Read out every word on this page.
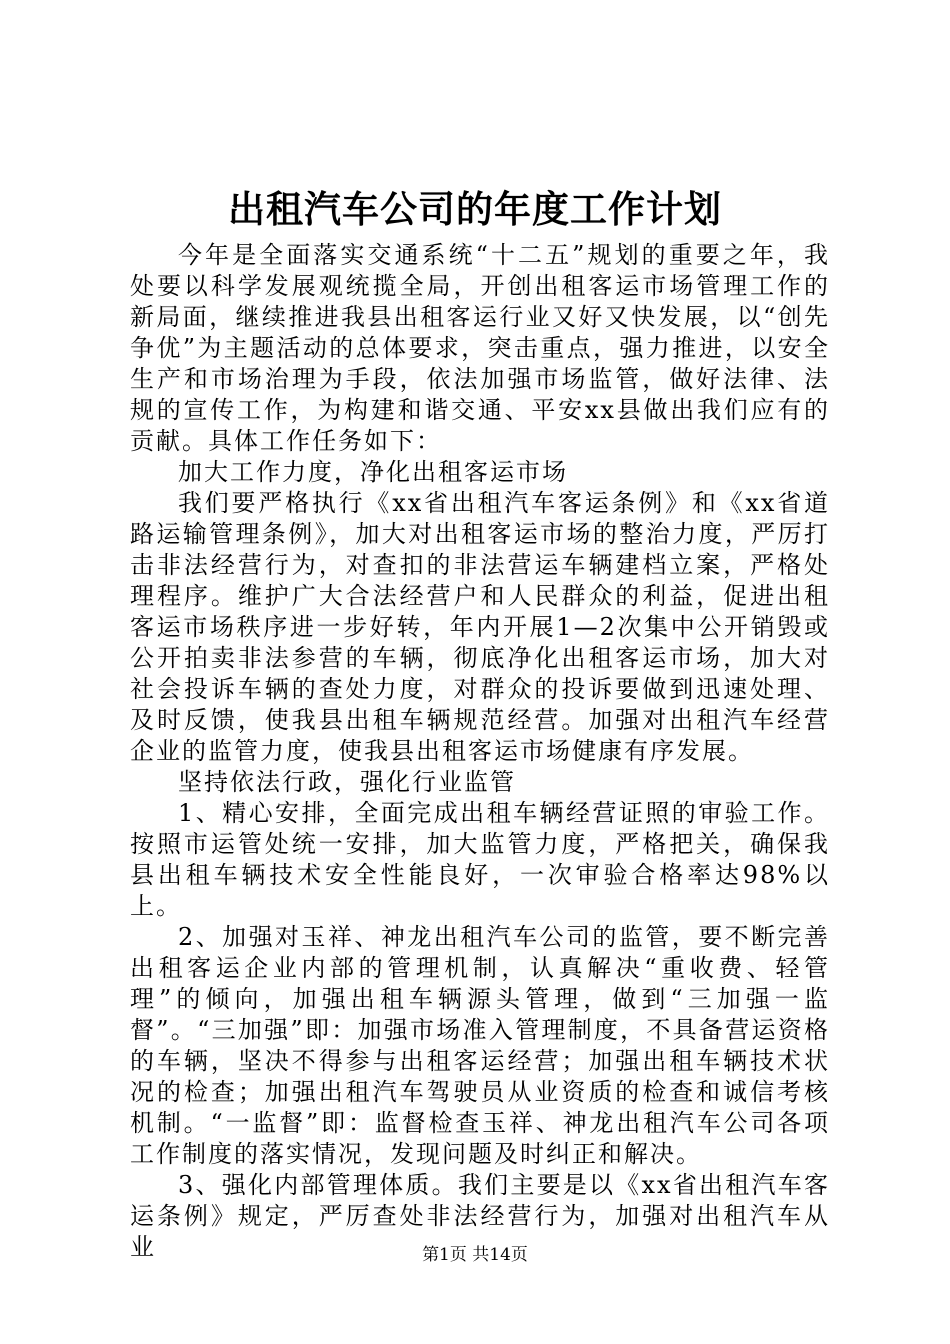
出租汽车公司的年度工作计划

今年是全面落实交通系统“十二五”规划的重要之年，我处要以科学发展观统揽全局，开创出租客运市场管理工作的新局面，继续推进我县出租客运行业又好又快发展，以“创先争优”为主题活动的总体要求，突击重点，强力推进，以安全生产和市场治理为手段，依法加强市场监管，做好法律、法规的宣传工作，为构建和谐交通、平安xx县做出我们应有的贡献。具体工作任务如下：

加大工作力度，净化出租客运市场

我们要严格执行《xx省出租汽车客运条例》和《xx省道路运输管理条例》，加大对出租客运市场的整治力度，严厉打击非法经营行为，对查扣的非法营运车辆建档立案，严格处理程序。维护广大合法经营户和人民群众的利益，促进出租客运市场秩序进一步好转，年内开展1—2次集中公开销毁或公开拍卖非法参营的车辆，彻底净化出租客运市场，加大对社会投诉车辆的查处力度，对群众的投诉要做到迅速处理、及时反馈，使我县出租车辆规范经营。加强对出租汽车经营企业的监管力度，使我县出租客运市场健康有序发展。

坚持依法行政，强化行业监管

1、精心安排，全面完成出租车辆经营证照的审验工作。按照市运管处统一安排，加大监管力度，严格把关，确保我县出租车辆技术安全性能良好，一次审验合格率达98%以上。

2、加强对玉祥、神龙出租汽车公司的监管，要不断完善出租客运企业内部的管理机制，认真解决“重收费、轻管理”的倾向，加强出租车辆源头管理，做到“三加强一监督”。“三加强”即：加强市场准入管理制度，不具备营运资格的车辆，坚决不得参与出租客运经营；加强出租车辆技术状况的检查；加强出租汽车驾驶员从业资质的检查和诚信考核机制。“一监督”即：监督检查玉祥、神龙出租汽车公司各项工作制度的落实情况，发现问题及时纠正和解决。

3、强化内部管理体质。我们主要是以《xx省出租汽车客运条例》规定，严厉查处非法经营行为，加强对出租汽车从业	第1页 共14页
